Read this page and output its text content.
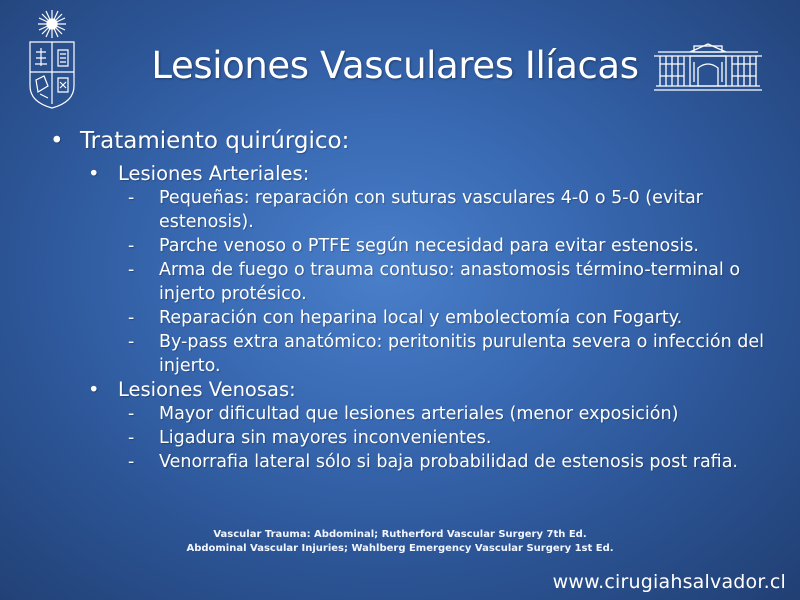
Lesiones Vasculares Ilíacas
• Tratamiento quirúrgico:
• Lesiones Arteriales:
- Pequeñas: reparación con suturas vasculares 4-0 o 5-0 (evitar estenosis).
- Parche venoso o PTFE según necesidad para evitar estenosis.
- Arma de fuego o trauma contuso: anastomosis término-terminal o injerto protésico.
- Reparación con heparina local y embolectomía con Fogarty.
- By-pass extra anatómico: peritonitis purulenta severa o infección del injerto.
• Lesiones Venosas:
- Mayor dificultad que lesiones arteriales (menor exposición)
- Ligadura sin mayores inconvenientes.
- Venorrafia lateral sólo si baja probabilidad de estenosis post rafia.
Vascular Trauma: Abdominal; Rutherford Vascular Surgery 7th Ed.
Abdominal Vascular Injuries; Wahlberg Emergency Vascular Surgery 1st Ed.
www.cirugiahsalvador.cl
